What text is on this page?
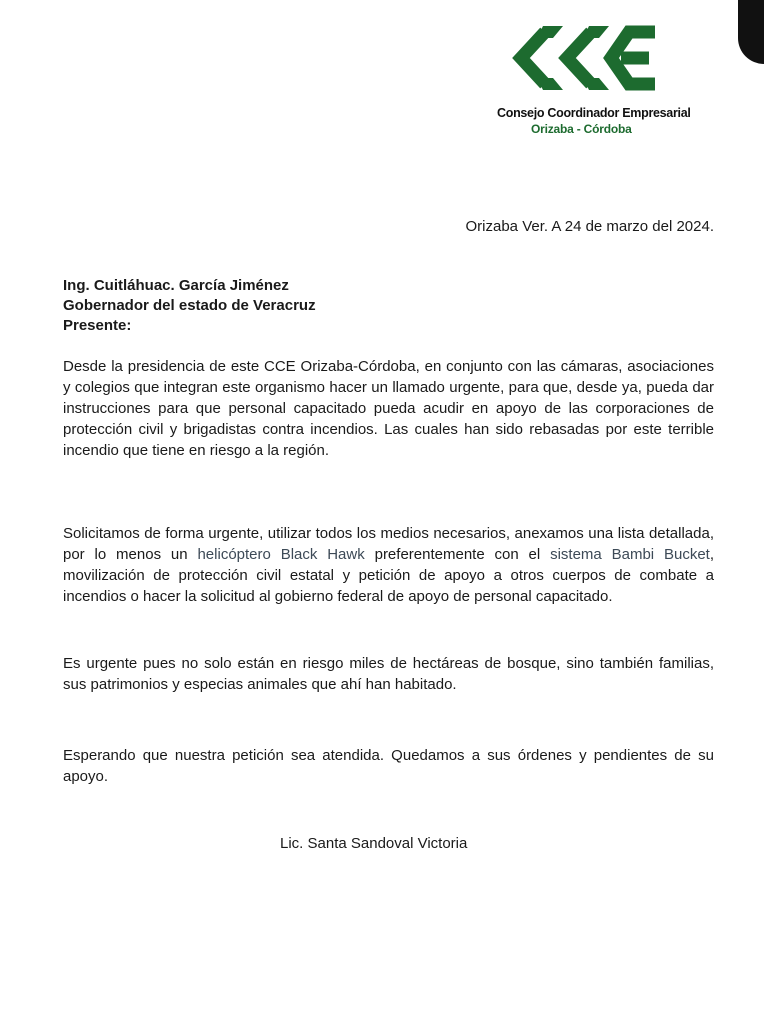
Consejo Coordinador Empresarial
Orizaba - Córdoba
Orizaba Ver. A 24 de marzo del 2024.
Ing. Cuitláhuac. García Jiménez
Gobernador del estado de Veracruz
Presente:

Desde la presidencia de este CCE Orizaba-Córdoba, en conjunto con las cámaras, asociaciones y colegios que integran este organismo hacer un llamado urgente, para que, desde ya, pueda dar instrucciones para que personal capacitado pueda acudir en apoyo de las corporaciones de protección civil y brigadistas contra incendios. Las cuales han sido rebasadas por este terrible incendio que tiene en riesgo a la región.

Solicitamos de forma urgente, utilizar todos los medios necesarios, anexamos una lista detallada, por lo menos un helicóptero Black Hawk preferentemente con el sistema Bambi Bucket, movilización de protección civil estatal y petición de apoyo a otros cuerpos de combate a incendios o hacer la solicitud al gobierno federal de apoyo de personal capacitado.

Es urgente pues no solo están en riesgo miles de hectáreas de bosque, sino también familias, sus patrimonios y especias animales que ahí han habitado.

Esperando que nuestra petición sea atendida. Quedamos a sus órdenes y pendientes de su apoyo.

Lic. Santa Sandoval Victoria
